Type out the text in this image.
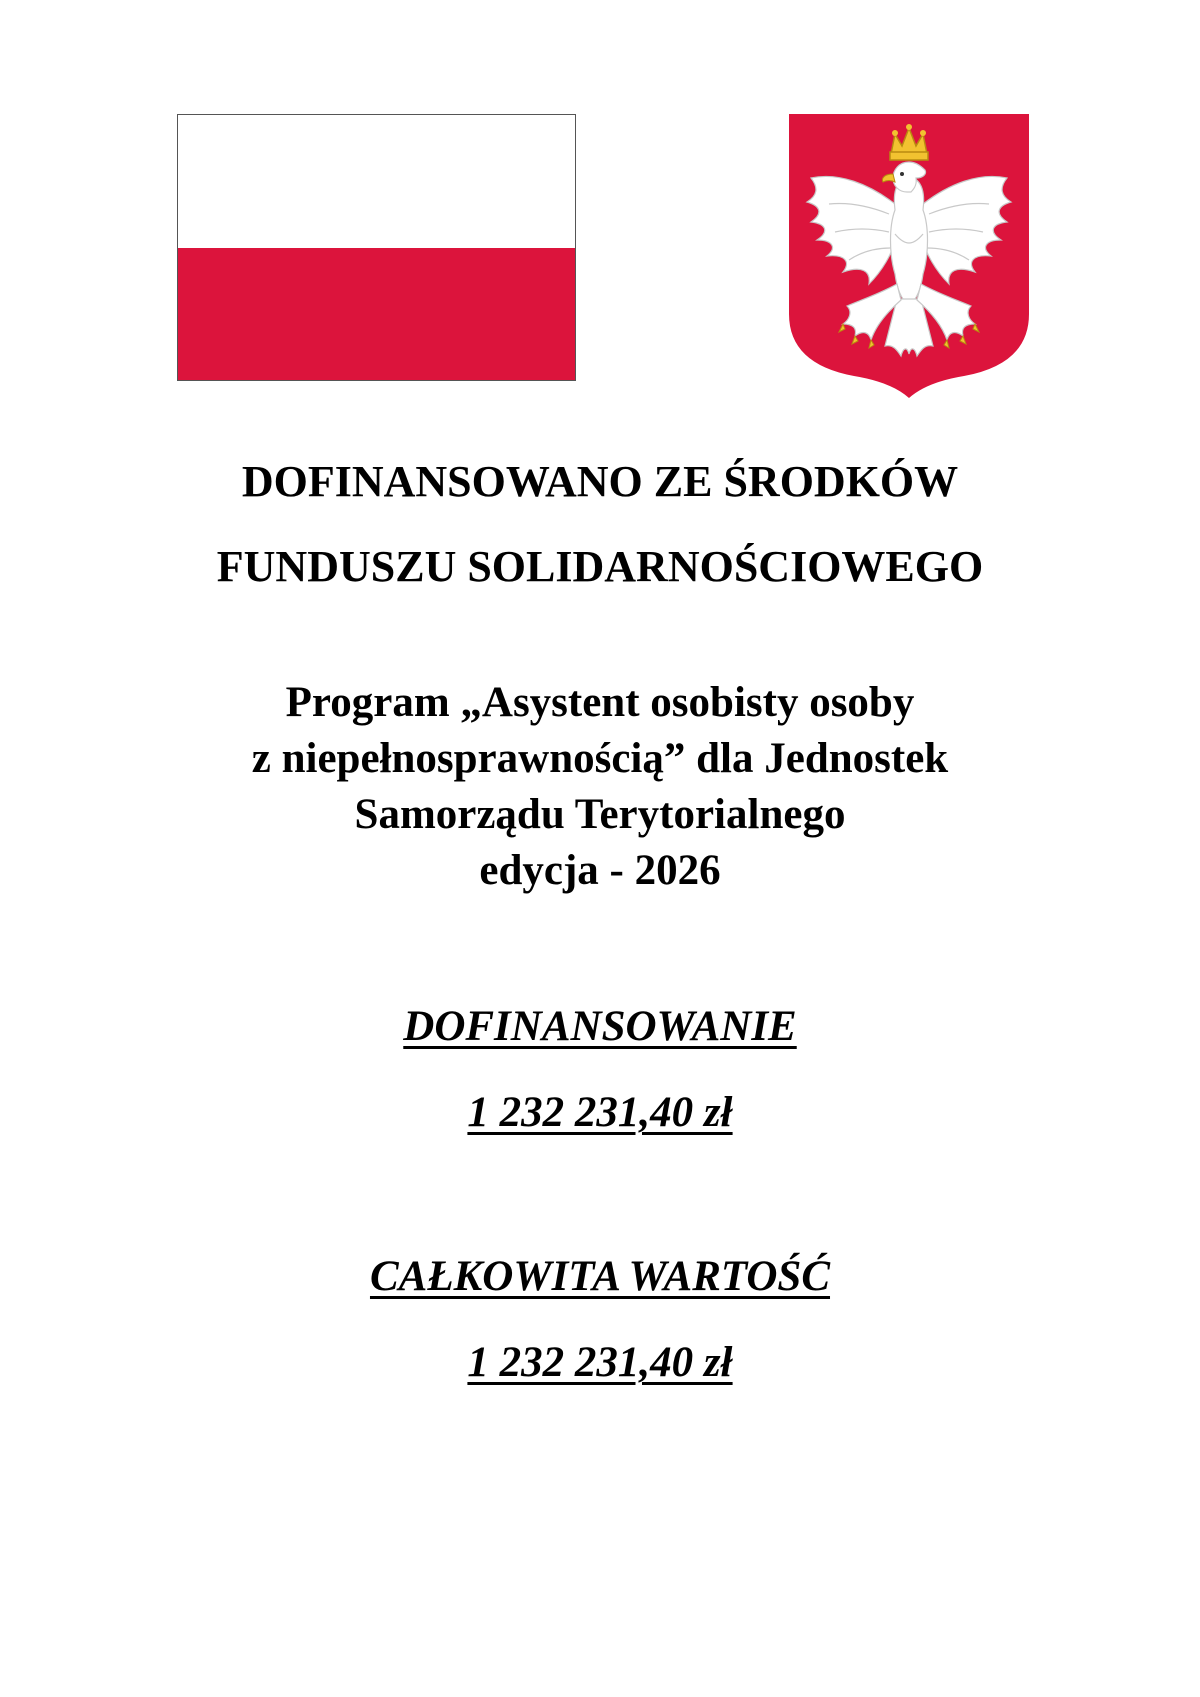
DOFINANSOWANO ZE ŚRODKÓW
FUNDUSZU SOLIDARNOŚCIOWEGO
Program „Asystent osobisty osoby
z niepełnosprawnością” dla Jednostek
Samorządu Terytorialnego
edycja - 2026
DOFINANSOWANIE
1 232 231,40 zł
CAŁKOWITA WARTOŚĆ
1 232 231,40 zł
